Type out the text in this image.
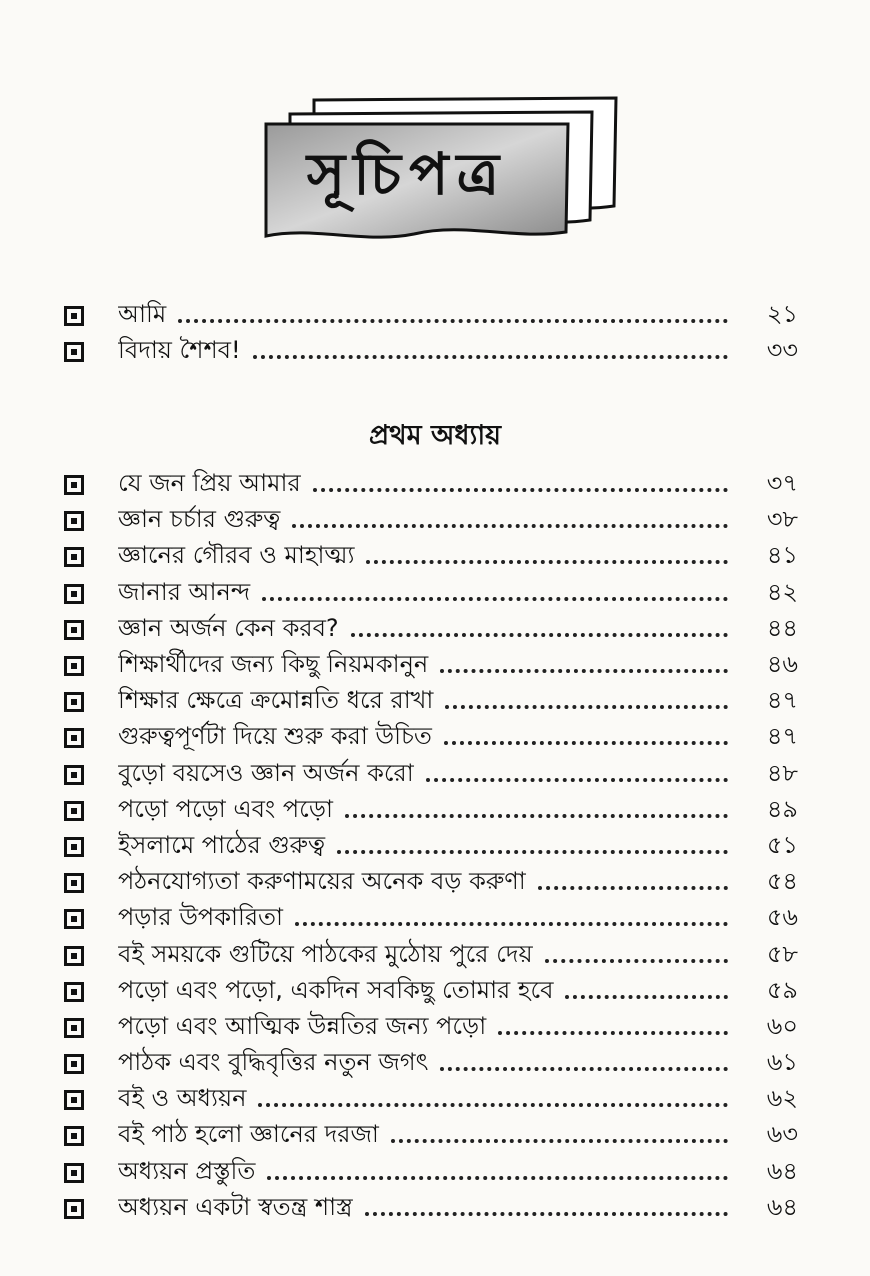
সূচিপত্র
আমি	২১
বিদায় শৈশব!	৩৩
প্রথম অধ্যায়
যে জন প্রিয় আমার	৩৭
জ্ঞান চর্চার গুরুত্ব	৩৮
জ্ঞানের গৌরব ও মাহাত্ম্য	৪১
জানার আনন্দ	৪২
জ্ঞান অর্জন কেন করব?	৪৪
শিক্ষার্থীদের জন্য কিছু নিয়মকানুন	৪৬
শিক্ষার ক্ষেত্রে ক্রমোন্নতি ধরে রাখা	৪৭
গুরুত্বপূর্ণটা দিয়ে শুরু করা উচিত	৪৭
বুড়ো বয়সেও জ্ঞান অর্জন করো	৪৮
পড়ো পড়ো এবং পড়ো	৪৯
ইসলামে পাঠের গুরুত্ব	৫১
পঠনযোগ্যতা করুণাময়ের অনেক বড় করুণা	৫৪
পড়ার উপকারিতা	৫৬
বই সময়কে গুটিয়ে পাঠকের মুঠোয় পুরে দেয়	৫৮
পড়ো এবং পড়ো, একদিন সবকিছু তোমার হবে	৫৯
পড়ো এবং আত্মিক উন্নতির জন্য পড়ো	৬০
পাঠক এবং বুদ্ধিবৃত্তির নতুন জগৎ	৬১
বই ও অধ্যয়ন	৬২
বই পাঠ হলো জ্ঞানের দরজা	৬৩
অধ্যয়ন প্রস্তুতি	৬৪
অধ্যয়ন একটা স্বতন্ত্র শাস্ত্র	৬৪
